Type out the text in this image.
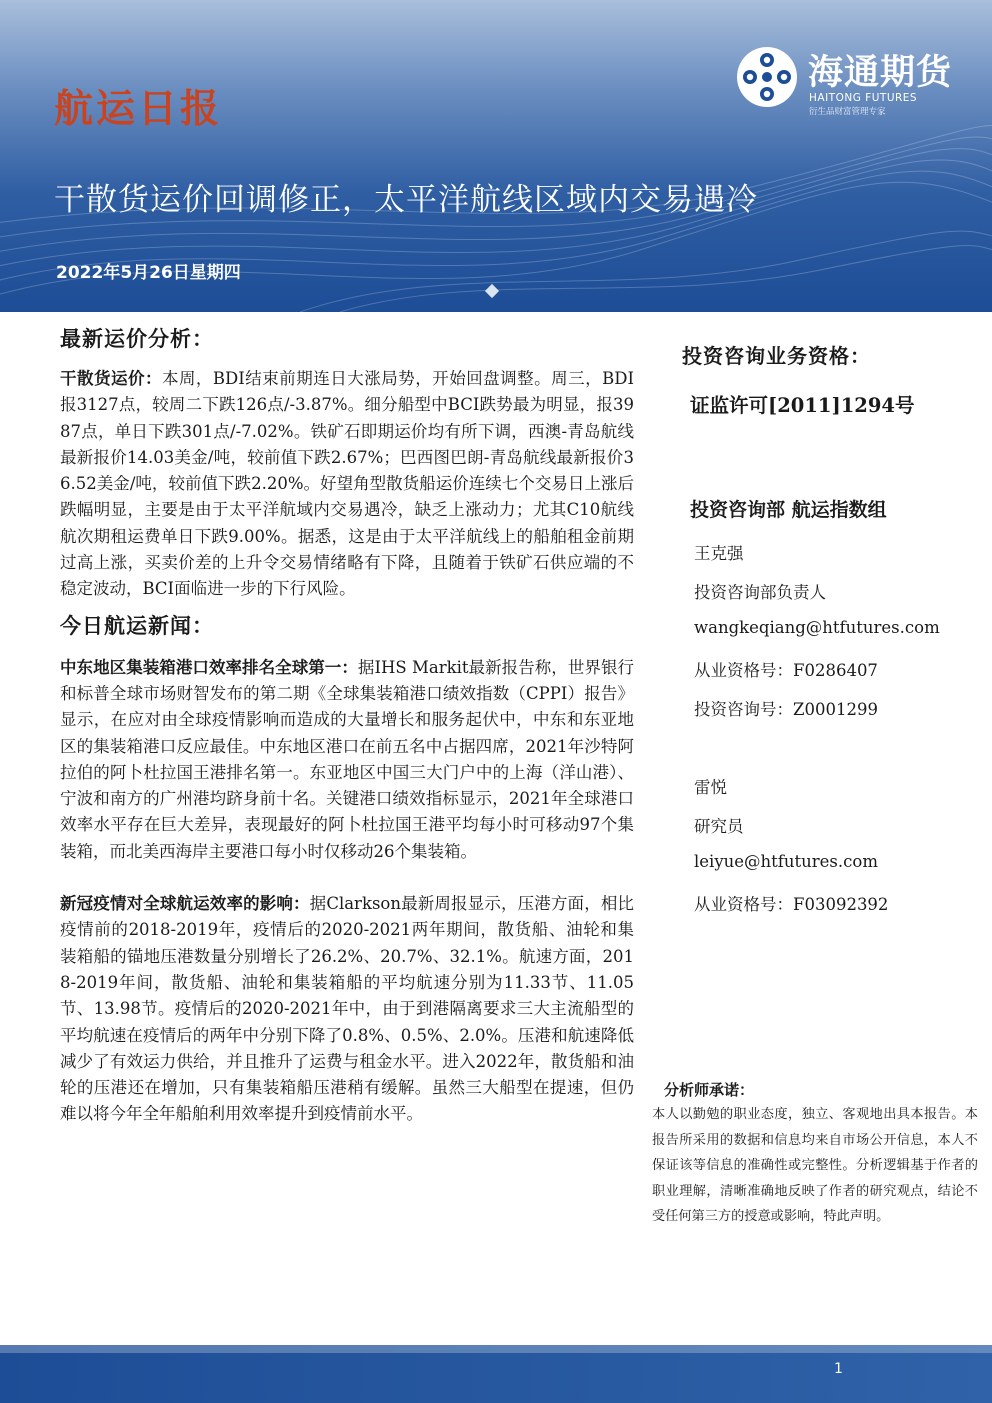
海通期货
HAITONG FUTURES
衍生品财富管理专家
航运日报
干散货运价回调修正，太平洋航线区域内交易遇冷
2022年5月26日星期四
最新运价分析：

干散货运价：本周，BDI结束前期连日大涨局势，开始回盘调整。周三，BDI报3127点，较周二下跌126点/-3.87%。细分船型中BCI跌势最为明显，报3987点，单日下跌301点/-7.02%。铁矿石即期运价均有所下调，西澳-青岛航线最新报价14.03美金/吨，较前值下跌2.67%；巴西图巴朗-青岛航线最新报价36.52美金/吨，较前值下跌2.20%。好望角型散货船运价连续七个交易日上涨后跌幅明显，主要是由于太平洋航域内交易遇冷，缺乏上涨动力；尤其C10航线航次期租运费单日下跌9.00%。据悉，这是由于太平洋航线上的船舶租金前期过高上涨，买卖价差的上升令交易情绪略有下降，且随着于铁矿石供应端的不稳定波动，BCI面临进一步的下行风险。

今日航运新闻：

中东地区集装箱港口效率排名全球第一：据IHS Markit最新报告称，世界银行和标普全球市场财智发布的第二期《全球集装箱港口绩效指数（CPPI）报告》显示，在应对由全球疫情影响而造成的大量增长和服务起伏中，中东和东亚地区的集装箱港口反应最佳。中东地区港口在前五名中占据四席，2021年沙特阿拉伯的阿卜杜拉国王港排名第一。东亚地区中国三大门户中的上海（洋山港）、宁波和南方的广州港均跻身前十名。关键港口绩效指标显示，2021年全球港口效率水平存在巨大差异，表现最好的阿卜杜拉国王港平均每小时可移动97个集装箱，而北美西海岸主要港口每小时仅移动26个集装箱。

新冠疫情对全球航运效率的影响：据Clarkson最新周报显示，压港方面，相比疫情前的2018-2019年，疫情后的2020-2021两年期间，散货船、油轮和集装箱船的锚地压港数量分别增长了26.2%、20.7%、32.1%。航速方面，2018-2019年间，散货船、油轮和集装箱船的平均航速分别为11.33节、11.05节、13.98节。疫情后的2020-2021年中，由于到港隔离要求三大主流船型的平均航速在疫情后的两年中分别下降了0.8%、0.5%、2.0%。压港和航速降低减少了有效运力供给，并且推升了运费与租金水平。进入2022年，散货船和油轮的压港还在增加，只有集装箱船压港稍有缓解。虽然三大船型在提速，但仍难以将今年全年船舶利用效率提升到疫情前水平。

投资咨询业务资格：
证监许可[2011]1294号
投资咨询部 航运指数组
王克强
投资咨询部负责人
wangkeqiang@htfutures.com
从业资格号：F0286407
投资咨询号：Z0001299
雷悦
研究员
leiyue@htfutures.com
从业资格号：F03092392
分析师承诺：

本人以勤勉的职业态度，独立、客观地出具本报告。本报告所采用的数据和信息均来自市场公开信息，本人不保证该等信息的准确性或完整性。分析逻辑基于作者的职业理解，清晰准确地反映了作者的研究观点，结论不受任何第三方的授意或影响，特此声明。

1
